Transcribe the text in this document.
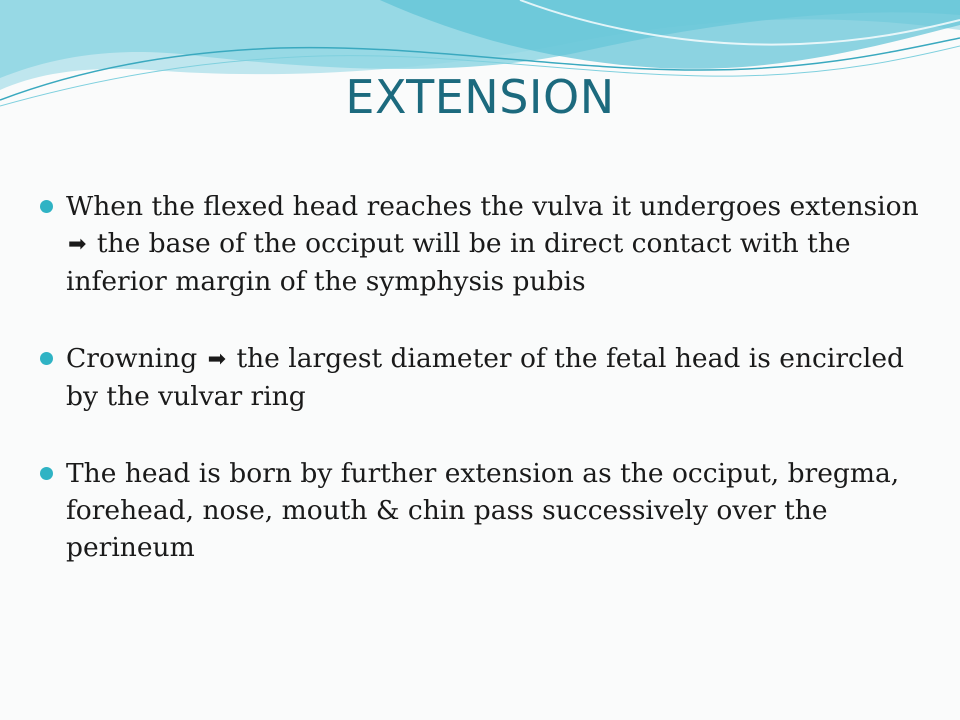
EXTENSION
When the flexed head reaches the vulva it undergoes extension ➡ the base of the occiput will be in direct contact with the inferior margin of the symphysis pubis
Crowning ➡ the largest diameter of the fetal head is encircled by the vulvar ring
The head is born by further extension as the occiput, bregma, forehead, nose, mouth & chin pass successively over the perineum
